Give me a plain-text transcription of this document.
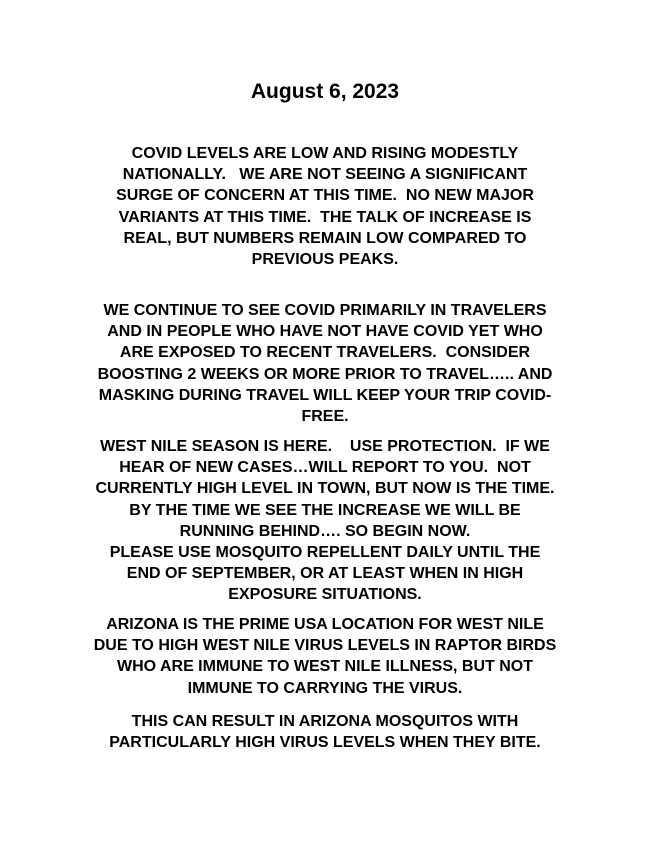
August 6, 2023
COVID LEVELS ARE LOW AND RISING MODESTLY
NATIONALLY.   WE ARE NOT SEEING A SIGNIFICANT
SURGE OF CONCERN AT THIS TIME.  NO NEW MAJOR
VARIANTS AT THIS TIME.  THE TALK OF INCREASE IS
REAL, BUT NUMBERS REMAIN LOW COMPARED TO
PREVIOUS PEAKS.
WE CONTINUE TO SEE COVID PRIMARILY IN TRAVELERS
AND IN PEOPLE WHO HAVE NOT HAVE COVID YET WHO
ARE EXPOSED TO RECENT TRAVELERS.  CONSIDER
BOOSTING 2 WEEKS OR MORE PRIOR TO TRAVEL….. AND
MASKING DURING TRAVEL WILL KEEP YOUR TRIP COVID-
FREE.
WEST NILE SEASON IS HERE.    USE PROTECTION.  IF WE
HEAR OF NEW CASES…WILL REPORT TO YOU.  NOT
CURRENTLY HIGH LEVEL IN TOWN, BUT NOW IS THE TIME.
BY THE TIME WE SEE THE INCREASE WE WILL BE
RUNNING BEHIND…. SO BEGIN NOW.
PLEASE USE MOSQUITO REPELLENT DAILY UNTIL THE
END OF SEPTEMBER, OR AT LEAST WHEN IN HIGH
EXPOSURE SITUATIONS.
ARIZONA IS THE PRIME USA LOCATION FOR WEST NILE
DUE TO HIGH WEST NILE VIRUS LEVELS IN RAPTOR BIRDS
WHO ARE IMMUNE TO WEST NILE ILLNESS, BUT NOT
IMMUNE TO CARRYING THE VIRUS.
THIS CAN RESULT IN ARIZONA MOSQUITOS WITH
PARTICULARLY HIGH VIRUS LEVELS WHEN THEY BITE.
